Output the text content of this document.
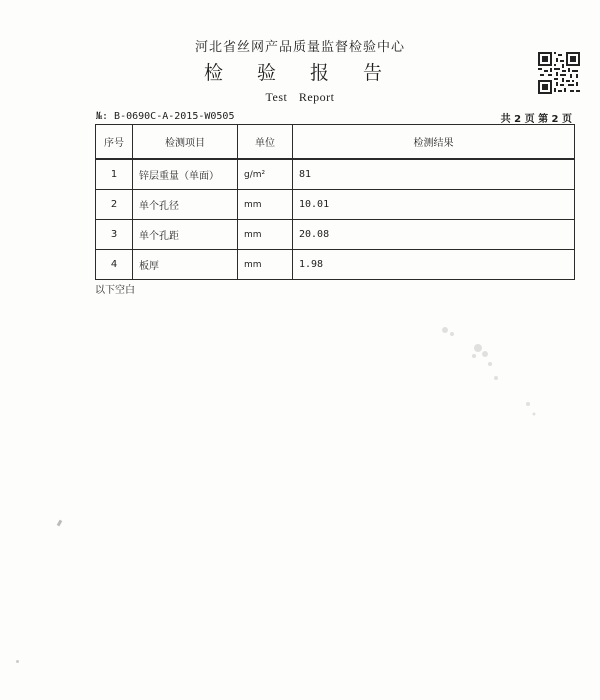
河北省丝网产品质量监督检验中心
检 验 报 告
Test Report
№: B-0690C-A-2015-W0505	共 2 页 第 2 页
序号	检测项目	单位	检测结果
1	锌层重量（单面）	g/m²	81
2	单个孔径	mm	10.01
3	单个孔距	mm	20.08
4	板厚	mm	1.98
以下空白
